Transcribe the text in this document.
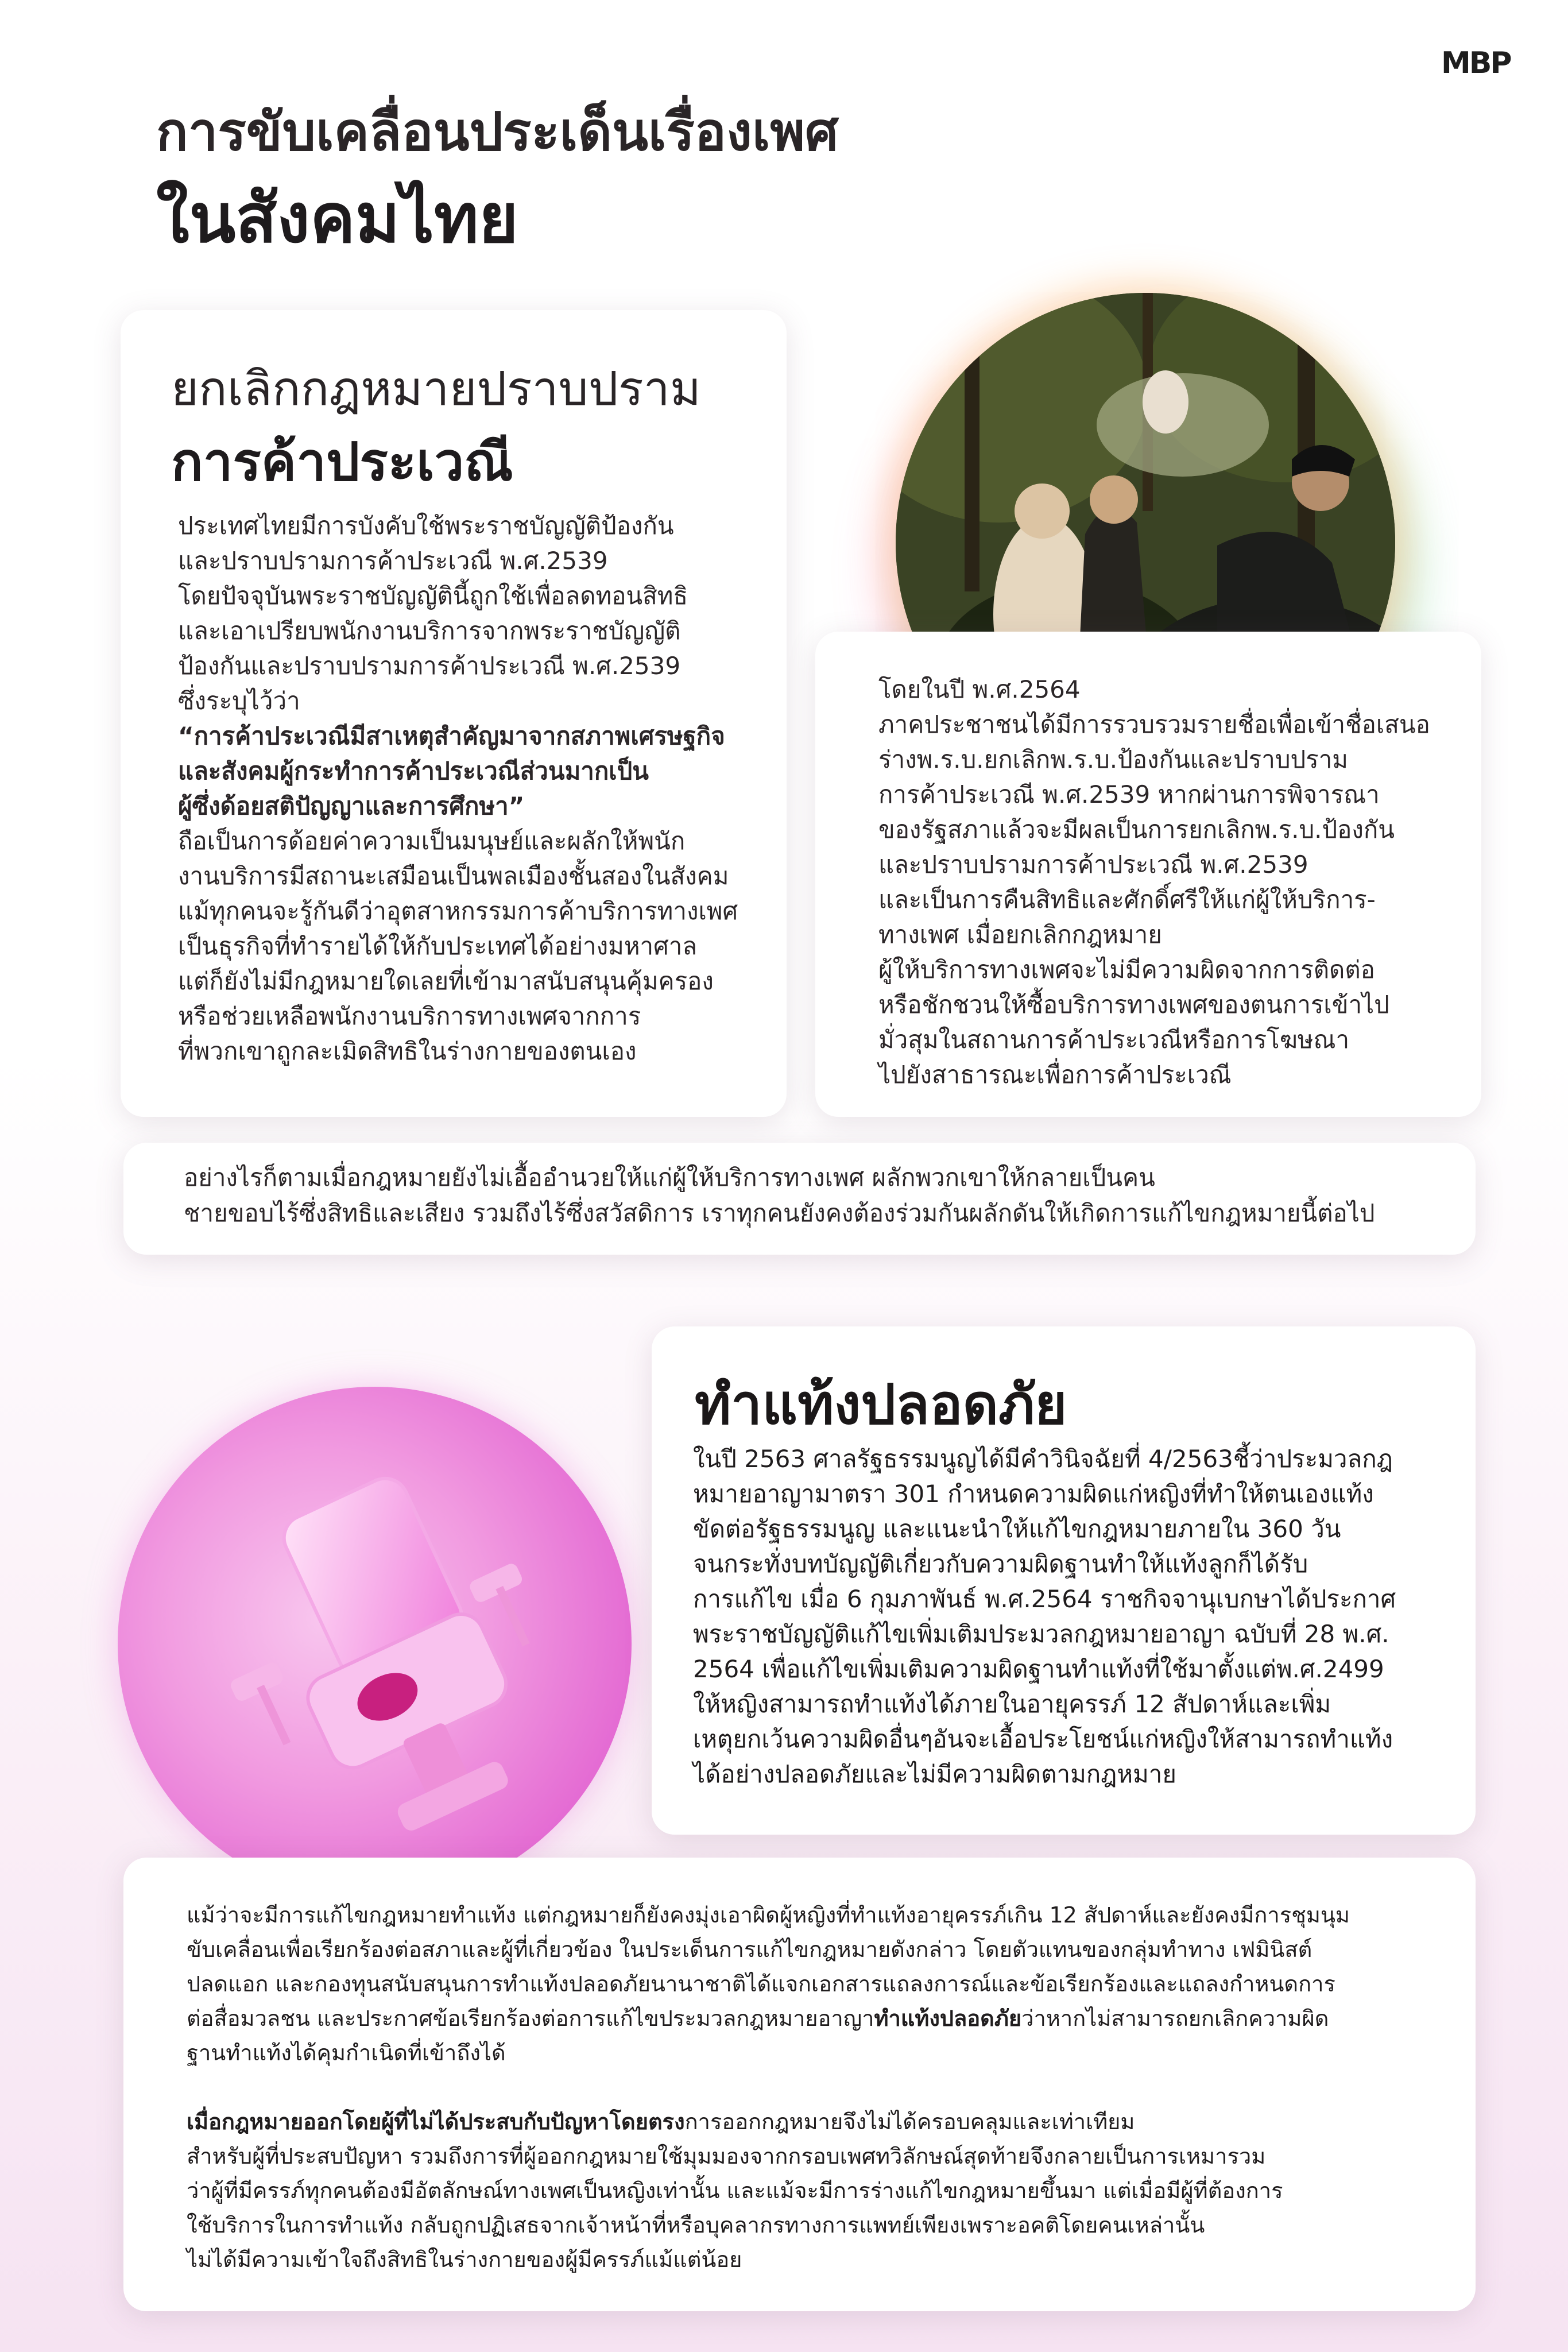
MBP
การขับเคลื่อนประเด็นเรื่องเพศ
ในสังคมไทย
ยกเลิกกฎหมายปราบปราม
การค้าประเวณี

ประเทศไทยมีการบังคับใช้พระราชบัญญัติป้องกัน

และปราบปรามการค้าประเวณี พ.ศ.2539

โดยปัจจุบันพระราชบัญญัตินี้ถูกใช้เพื่อลดทอนสิทธิ

และเอาเปรียบพนักงานบริการจากพระราชบัญญัติ

ป้องกันและปราบปรามการค้าประเวณี พ.ศ.2539

ซึ่งระบุไว้ว่า

“การค้าประเวณีมีสาเหตุสำคัญมาจากสภาพเศรษฐกิจ

และสังคมผู้กระทำการค้าประเวณีส่วนมากเป็น

ผู้ซึ่งด้อยสติปัญญาและการศึกษา”

ถือเป็นการด้อยค่าความเป็นมนุษย์และผลักให้พนัก

งานบริการมีสถานะเสมือนเป็นพลเมืองชั้นสองในสังคม

แม้ทุกคนจะรู้กันดีว่าอุตสาหกรรมการค้าบริการทางเพศ

เป็นธุรกิจที่ทำรายได้ให้กับประเทศได้อย่างมหาศาล

แต่ก็ยังไม่มีกฎหมายใดเลยที่เข้ามาสนับสนุนคุ้มครอง

หรือช่วยเหลือพนักงานบริการทางเพศจากการ

ที่พวกเขาถูกละเมิดสิทธิในร่างกายของตนเอง

โดยในปี พ.ศ.2564

ภาคประชาชนได้มีการรวบรวมรายชื่อเพื่อเข้าชื่อเสนอ

ร่างพ.ร.บ.ยกเลิกพ.ร.บ.ป้องกันและปราบปราม

การค้าประเวณี พ.ศ.2539 หากผ่านการพิจารณา

ของรัฐสภาแล้วจะมีผลเป็นการยกเลิกพ.ร.บ.ป้องกัน

และปราบปรามการค้าประเวณี พ.ศ.2539

และเป็นการคืนสิทธิและศักดิ์ศรีให้แก่ผู้ให้บริการ-

ทางเพศ เมื่อยกเลิกกฎหมาย

ผู้ให้บริการทางเพศจะไม่มีความผิดจากการติดต่อ

หรือชักชวนให้ซื้อบริการทางเพศของตนการเข้าไป

มั่วสุมในสถานการค้าประเวณีหรือการโฆษณา

ไปยังสาธารณะเพื่อการค้าประเวณี

อย่างไรก็ตามเมื่อกฎหมายยังไม่เอื้ออำนวยให้แก่ผู้ให้บริการทางเพศ ผลักพวกเขาให้กลายเป็นคน

ชายขอบไร้ซึ่งสิทธิและเสียง รวมถึงไร้ซึ่งสวัสดิการ เราทุกคนยังคงต้องร่วมกันผลักดันให้เกิดการแก้ไขกฎหมายนี้ต่อไป

ทำแท้งปลอดภัย

ในปี 2563 ศาลรัฐธรรมนูญได้มีคำวินิจฉัยที่ 4/2563ชี้ว่าประมวลกฎ

หมายอาญามาตรา 301 กำหนดความผิดแก่หญิงที่ทำให้ตนเองแท้ง

ขัดต่อรัฐธรรมนูญ และแนะนำให้แก้ไขกฎหมายภายใน 360 วัน

จนกระทั่งบทบัญญัติเกี่ยวกับความผิดฐานทำให้แท้งลูกก็ได้รับ

การแก้ไข เมื่อ 6 กุมภาพันธ์ พ.ศ.2564 ราชกิจจานุเบกษาได้ประกาศ

พระราชบัญญัติแก้ไขเพิ่มเติมประมวลกฎหมายอาญา ฉบับที่ 28 พ.ศ.

2564 เพื่อแก้ไขเพิ่มเติมความผิดฐานทำแท้งที่ใช้มาตั้งแต่พ.ศ.2499

ให้หญิงสามารถทำแท้งได้ภายในอายุครรภ์ 12 สัปดาห์และเพิ่ม

เหตุยกเว้นความผิดอื่นๆอันจะเอื้อประโยชน์แก่หญิงให้สามารถทำแท้ง

ได้อย่างปลอดภัยและไม่มีความผิดตามกฎหมาย

แม้ว่าจะมีการแก้ไขกฎหมายทำแท้ง แต่กฎหมายก็ยังคงมุ่งเอาผิดผู้หญิงที่ทำแท้งอายุครรภ์เกิน 12 สัปดาห์และยังคงมีการชุมนุม

ขับเคลื่อนเพื่อเรียกร้องต่อสภาและผู้ที่เกี่ยวข้อง ในประเด็นการแก้ไขกฎหมายดังกล่าว โดยตัวแทนของกลุ่มทำทาง เฟมินิสต์

ปลดแอก และกองทุนสนับสนุนการทำแท้งปลอดภัยนานาชาติได้แจกเอกสารแถลงการณ์และข้อเรียกร้องและแถลงกำหนดการ

ต่อสื่อมวลชน และประกาศข้อเรียกร้องต่อการแก้ไขประมวลกฎหมายอาญาทำแท้งปลอดภัยว่าหากไม่สามารถยกเลิกความผิด

ฐานทำแท้งได้คุมกำเนิดที่เข้าถึงได้

เมื่อกฎหมายออกโดยผู้ที่ไม่ได้ประสบกับปัญหาโดยตรงการออกกฎหมายจึงไม่ได้ครอบคลุมและเท่าเทียม

สำหรับผู้ที่ประสบปัญหา รวมถึงการที่ผู้ออกกฎหมายใช้มุมมองจากกรอบเพศทวิลักษณ์สุดท้ายจึงกลายเป็นการเหมารวม

ว่าผู้ที่มีครรภ์ทุกคนต้องมีอัตลักษณ์ทางเพศเป็นหญิงเท่านั้น และแม้จะมีการร่างแก้ไขกฎหมายขึ้นมา แต่เมื่อมีผู้ที่ต้องการ

ใช้บริการในการทำแท้ง กลับถูกปฏิเสธจากเจ้าหน้าที่หรือบุคลากรทางการแพทย์เพียงเพราะอคติโดยคนเหล่านั้น

ไม่ได้มีความเข้าใจถึงสิทธิในร่างกายของผู้มีครรภ์แม้แต่น้อย
